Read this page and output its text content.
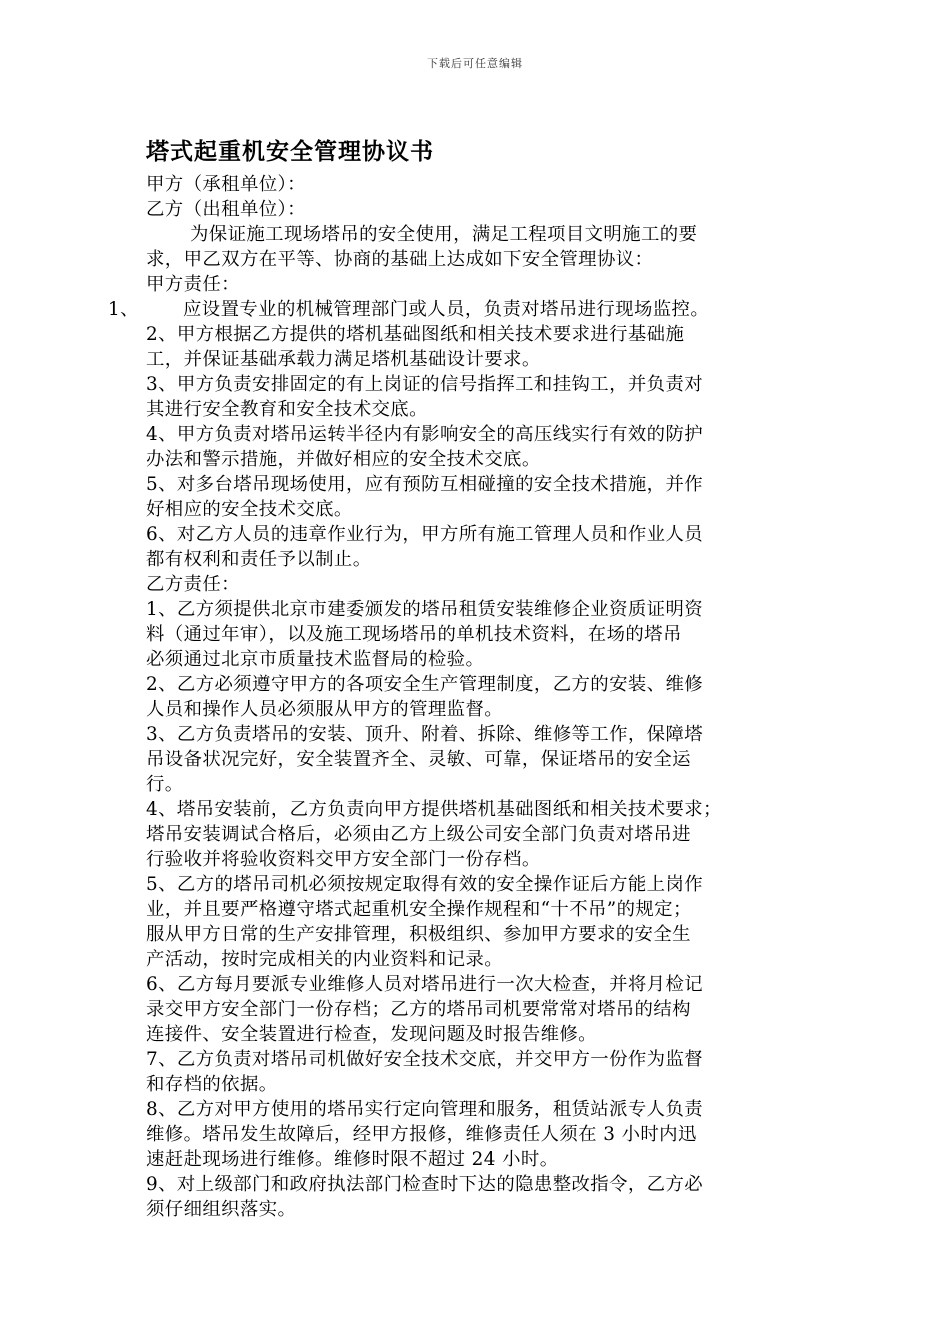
下载后可任意编辑
塔式起重机安全管理协议书
甲方（承租单位）：
乙方（出租单位）：
为保证施工现场塔吊的安全使用，满足工程项目文明施工的要
求，甲乙双方在平等、协商的基础上达成如下安全管理协议：
甲方责任：
1、 应设置专业的机械管理部门或人员，负责对塔吊进行现场监控。
2、甲方根据乙方提供的塔机基础图纸和相关技术要求进行基础施
工，并保证基础承载力满足塔机基础设计要求。
3、甲方负责安排固定的有上岗证的信号指挥工和挂钩工，并负责对
其进行安全教育和安全技术交底。
4、甲方负责对塔吊运转半径内有影响安全的高压线实行有效的防护
办法和警示措施，并做好相应的安全技术交底。
5、对多台塔吊现场使用，应有预防互相碰撞的安全技术措施，并作
好相应的安全技术交底。
6、对乙方人员的违章作业行为，甲方所有施工管理人员和作业人员
都有权利和责任予以制止。
乙方责任：
1、乙方须提供北京市建委颁发的塔吊租赁安装维修企业资质证明资
料（通过年审），以及施工现场塔吊的单机技术资料，在场的塔吊
必须通过北京市质量技术监督局的检验。
2、乙方必须遵守甲方的各项安全生产管理制度，乙方的安装、维修
人员和操作人员必须服从甲方的管理监督。
3、乙方负责塔吊的安装、顶升、附着、拆除、维修等工作，保障塔
吊设备状况完好，安全装置齐全、灵敏、可靠，保证塔吊的安全运
行。
4、塔吊安装前，乙方负责向甲方提供塔机基础图纸和相关技术要求；
塔吊安装调试合格后，必须由乙方上级公司安全部门负责对塔吊进
行验收并将验收资料交甲方安全部门一份存档。
5、乙方的塔吊司机必须按规定取得有效的安全操作证后方能上岗作
业，并且要严格遵守塔式起重机安全操作规程和“十不吊”的规定；
服从甲方日常的生产安排管理，积极组织、参加甲方要求的安全生
产活动，按时完成相关的内业资料和记录。
6、乙方每月要派专业维修人员对塔吊进行一次大检查，并将月检记
录交甲方安全部门一份存档；乙方的塔吊司机要常常对塔吊的结构
连接件、安全装置进行检查，发现问题及时报告维修。
7、乙方负责对塔吊司机做好安全技术交底，并交甲方一份作为监督
和存档的依据。
8、乙方对甲方使用的塔吊实行定向管理和服务，租赁站派专人负责
维修。塔吊发生故障后，经甲方报修，维修责任人须在 3 小时内迅
速赶赴现场进行维修。维修时限不超过 24 小时。
9、对上级部门和政府执法部门检查时下达的隐患整改指令，乙方必
须仔细组织落实。
